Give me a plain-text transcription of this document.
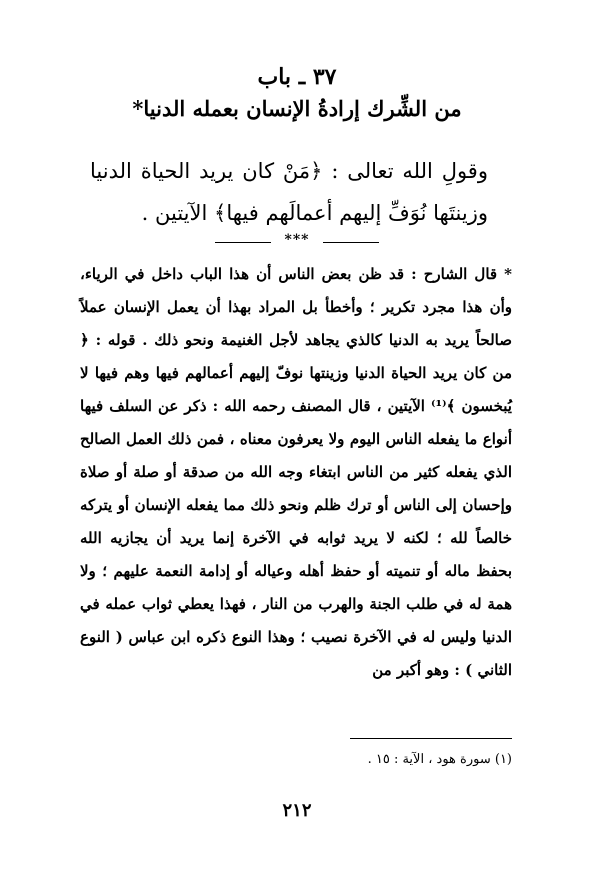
٣٧ ـ باب
من الشِّرك إرادةُ الإنسان بعمله الدنيا*

وقولِ الله تعالى : ﴿مَنْ كان يريد الحياة الدنيا وزينتَها نُوَفِّ إليهم أعمالَهم فيها﴾ الآيتين .

***

* قال الشارح : قد ظن بعض الناس أن هذا الباب داخل في الرياء، وأن هذا مجرد تكرير ؛ وأخطأ بل المراد بهذا أن يعمل الإنسان عملاً صالحاً يريد به الدنيا كالذي يجاهد لأجل الغنيمة ونحو ذلك . قوله : ﴿ من كان يريد الحياة الدنيا وزينتها نوفّ إليهم أعمالهم فيها وهم فيها لا يُبخسون ﴾⁽¹⁾ الآيتين ، قال المصنف رحمه الله : ذكر عن السلف فيها أنواع ما يفعله الناس اليوم ولا يعرفون معناه ، فمن ذلك العمل الصالح الذي يفعله كثير من الناس ابتغاء وجه الله من صدقة أو صلة أو صلاة وإحسان إلى الناس أو ترك ظلم ونحو ذلك مما يفعله الإنسان أو يتركه خالصاً لله ؛ لكنه لا يريد ثوابه في الآخرة إنما يريد أن يجازيه الله بحفظ ماله أو تنميته أو حفظ أهله وعياله أو إدامة النعمة عليهم ؛ ولا همة له في طلب الجنة والهرب من النار ، فهذا يعطي ثواب عمله في الدنيا وليس له في الآخرة نصيب ؛ وهذا النوع ذكره ابن عباس ( النوع الثاني ) : وهو أكبر من

(١) سورة هود ، الآية : ١٥ .
٢١٢
